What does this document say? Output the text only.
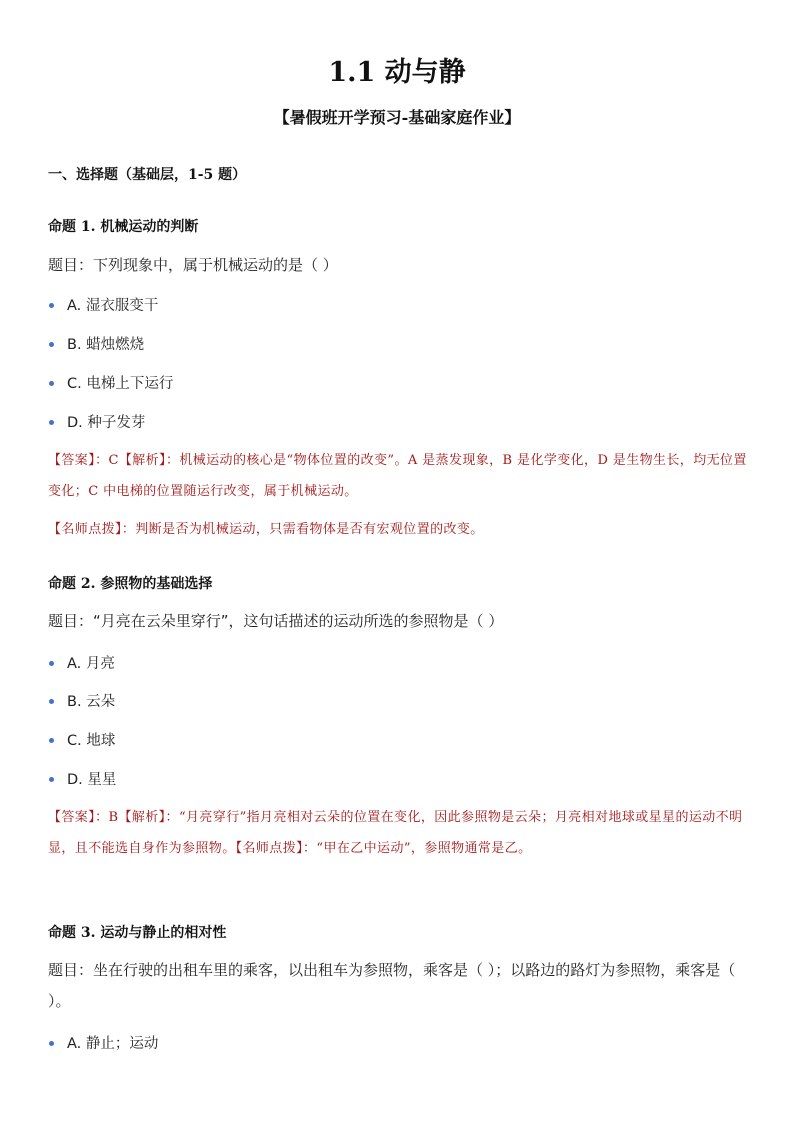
1.1 动与静
【暑假班开学预习-基础家庭作业】
一、选择题（基础层，1-5 题）
命题 1. 机械运动的判断
题目：下列现象中，属于机械运动的是（ ）
A. 湿衣服变干
B. 蜡烛燃烧
C. 电梯上下运行
D. 种子发芽
【答案】：C【解析】：机械运动的核心是“物体位置的改变”。A 是蒸发现象，B 是化学变化，D 是生物生长，均无位置变化；C 中电梯的位置随运行改变，属于机械运动。
【名师点拨】：判断是否为机械运动，只需看物体是否有宏观位置的改变。
命题 2. 参照物的基础选择
题目：“月亮在云朵里穿行”，这句话描述的运动所选的参照物是（ ）
A. 月亮
B. 云朵
C. 地球
D. 星星
【答案】：B【解析】：“月亮穿行”指月亮相对云朵的位置在变化，因此参照物是云朵；月亮相对地球或星星的运动不明显，且不能选自身作为参照物。【名师点拨】：“甲在乙中运动”，参照物通常是乙。
命题 3. 运动与静止的相对性
题目：坐在行驶的出租车里的乘客，以出租车为参照物，乘客是（ ）；以路边的路灯为参照物，乘客是（ ）。
A. 静止；运动
